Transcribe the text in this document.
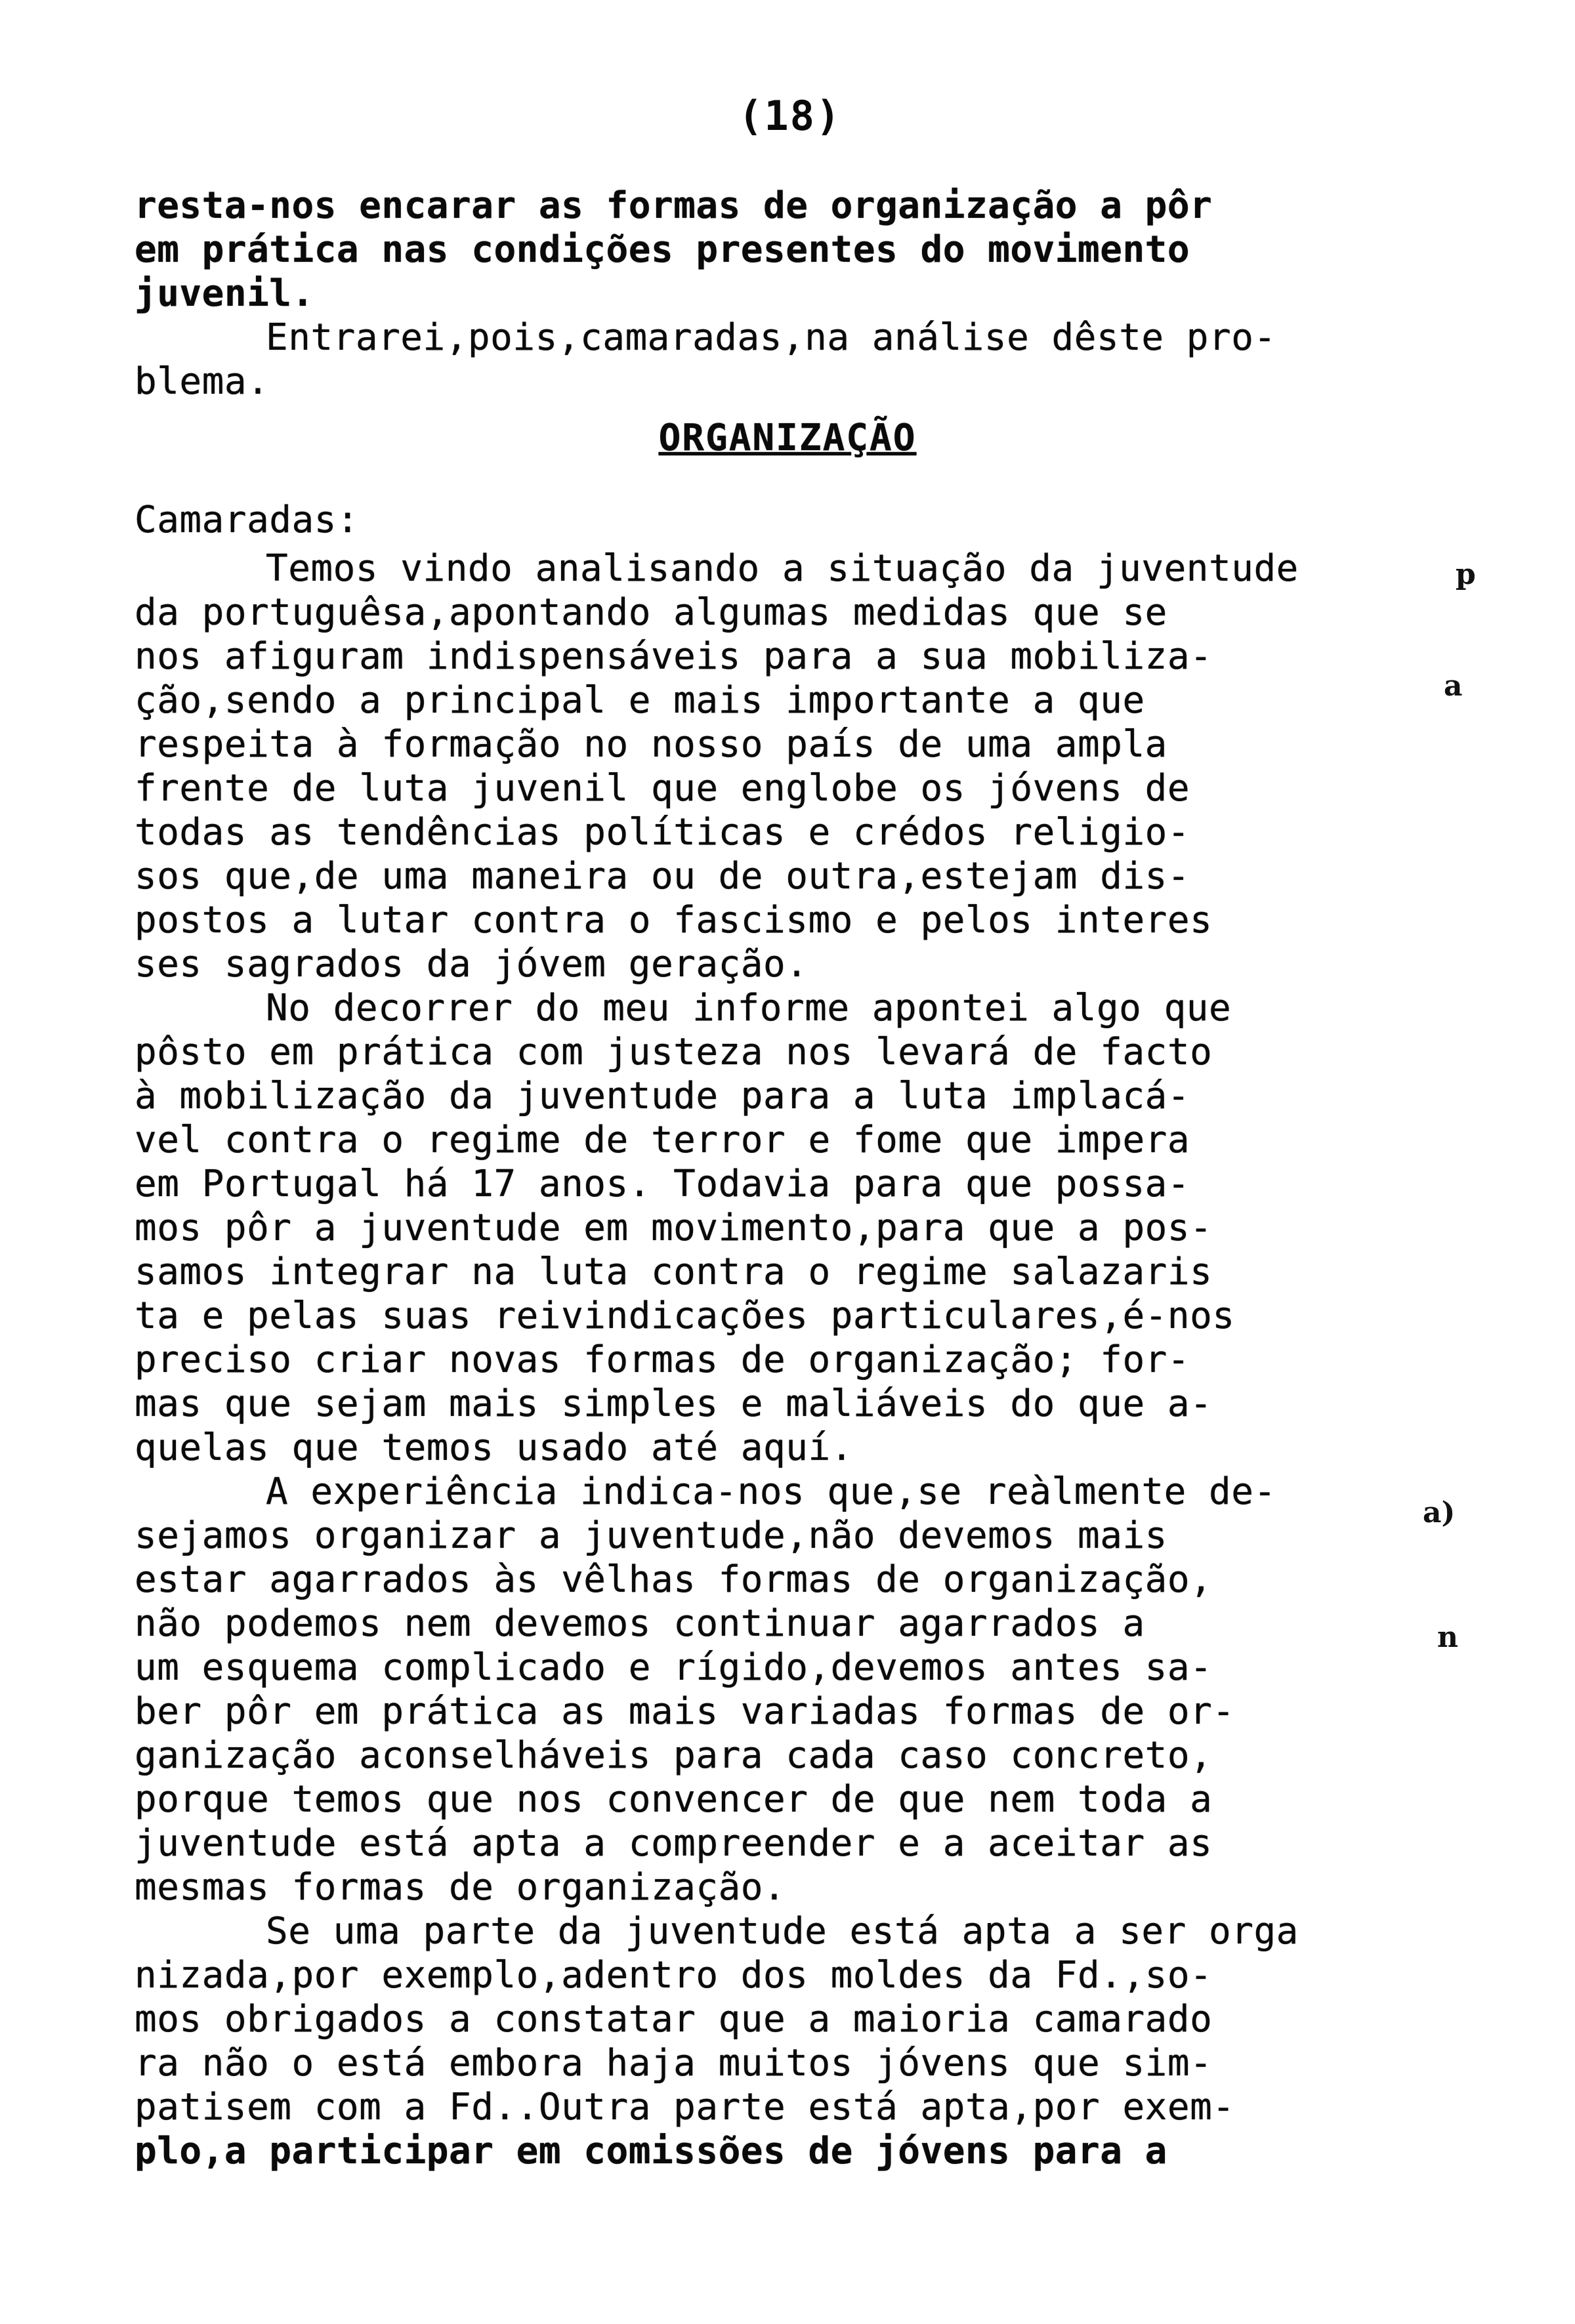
(18)
resta-nos encarar as formas de organização a pôr
em prática nas condições presentes do movimento
juvenil.
Entrarei,pois,camaradas,na análise dêste pro-
blema.
ORGANIZAÇÃO
Camaradas:
Temos vindo analisando a situação da juventude
da portuguêsa,apontando algumas medidas que se
nos afiguram indispensáveis para a sua mobiliza-
ção,sendo a principal e mais importante a que
respeita à formação no nosso país de uma ampla
frente de luta juvenil que englobe os jóvens de
todas as tendências políticas e crédos religio-
sos que,de uma maneira ou de outra,estejam dis-
postos a lutar contra o fascismo e pelos interes
ses sagrados da jóvem geração.
No decorrer do meu informe apontei algo que
pôsto em prática com justeza nos levará de facto
à mobilização da juventude para a luta implacá-
vel contra o regime de terror e fome que impera
em Portugal há 17 anos. Todavia para que possa-
mos pôr a juventude em movimento,para que a pos-
samos integrar na luta contra o regime salazaris
ta e pelas suas reivindicações particulares,é-nos
preciso criar novas formas de organização; for-
mas que sejam mais simples e maliáveis do que a-
quelas que temos usado até aquí.
A experiência indica-nos que,se reàlmente de-
sejamos organizar a juventude,não devemos mais
estar agarrados às vêlhas formas de organização,
não podemos nem devemos continuar agarrados a
um esquema complicado e rígido,devemos antes sa-
ber pôr em prática as mais variadas formas de or-
ganização aconselháveis para cada caso concreto,
porque temos que nos convencer de que nem toda a
juventude está apta a compreender e a aceitar as
mesmas formas de organização.
Se uma parte da juventude está apta a ser orga
nizada,por exemplo,adentro dos moldes da Fd.,so-
mos obrigados a constatar que a maioria camarado
ra não o está embora haja muitos jóvens que sim-
patisem com a Fd..Outra parte está apta,por exem-
plo,a participar em comissões de jóvens para a
p
a
a)
n
